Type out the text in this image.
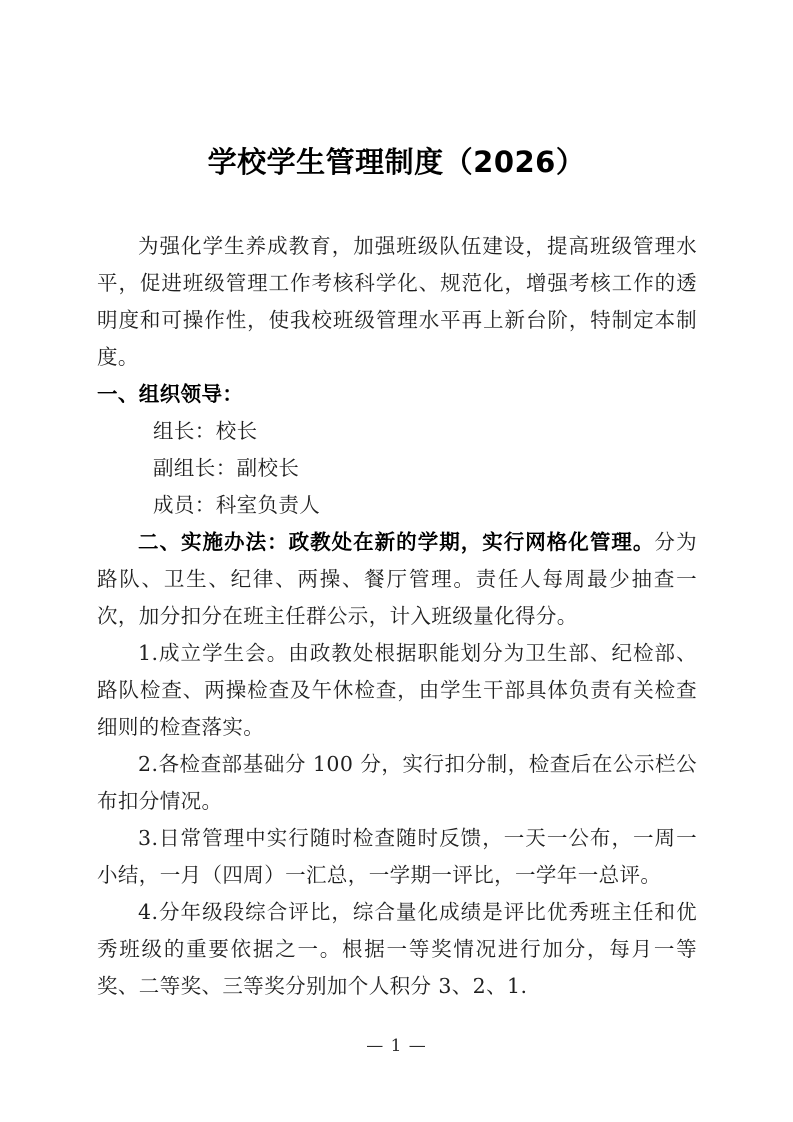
学校学生管理制度（2026）

为强化学生养成教育，加强班级队伍建设，提高班级管理水平，促进班级管理工作考核科学化、规范化，增强考核工作的透明度和可操作性，使我校班级管理水平再上新台阶，特制定本制度。

一、组织领导：

组长：校长

副组长：副校长

成员：科室负责人

二、实施办法：政教处在新的学期，实行网格化管理。分为路队、卫生、纪律、两操、餐厅管理。责任人每周最少抽查一次，加分扣分在班主任群公示，计入班级量化得分。

1.成立学生会。由政教处根据职能划分为卫生部、纪检部、路队检查、两操检查及午休检查，由学生干部具体负责有关检查细则的检查落实。

2.各检查部基础分 100 分，实行扣分制，检查后在公示栏公布扣分情况。

3.日常管理中实行随时检查随时反馈，一天一公布，一周一小结，一月（四周）一汇总，一学期一评比，一学年一总评。

4.分年级段综合评比，综合量化成绩是评比优秀班主任和优秀班级的重要依据之一。根据一等奖情况进行加分，每月一等奖、二等奖、三等奖分别加个人积分 3、2、1.

— 1 —
